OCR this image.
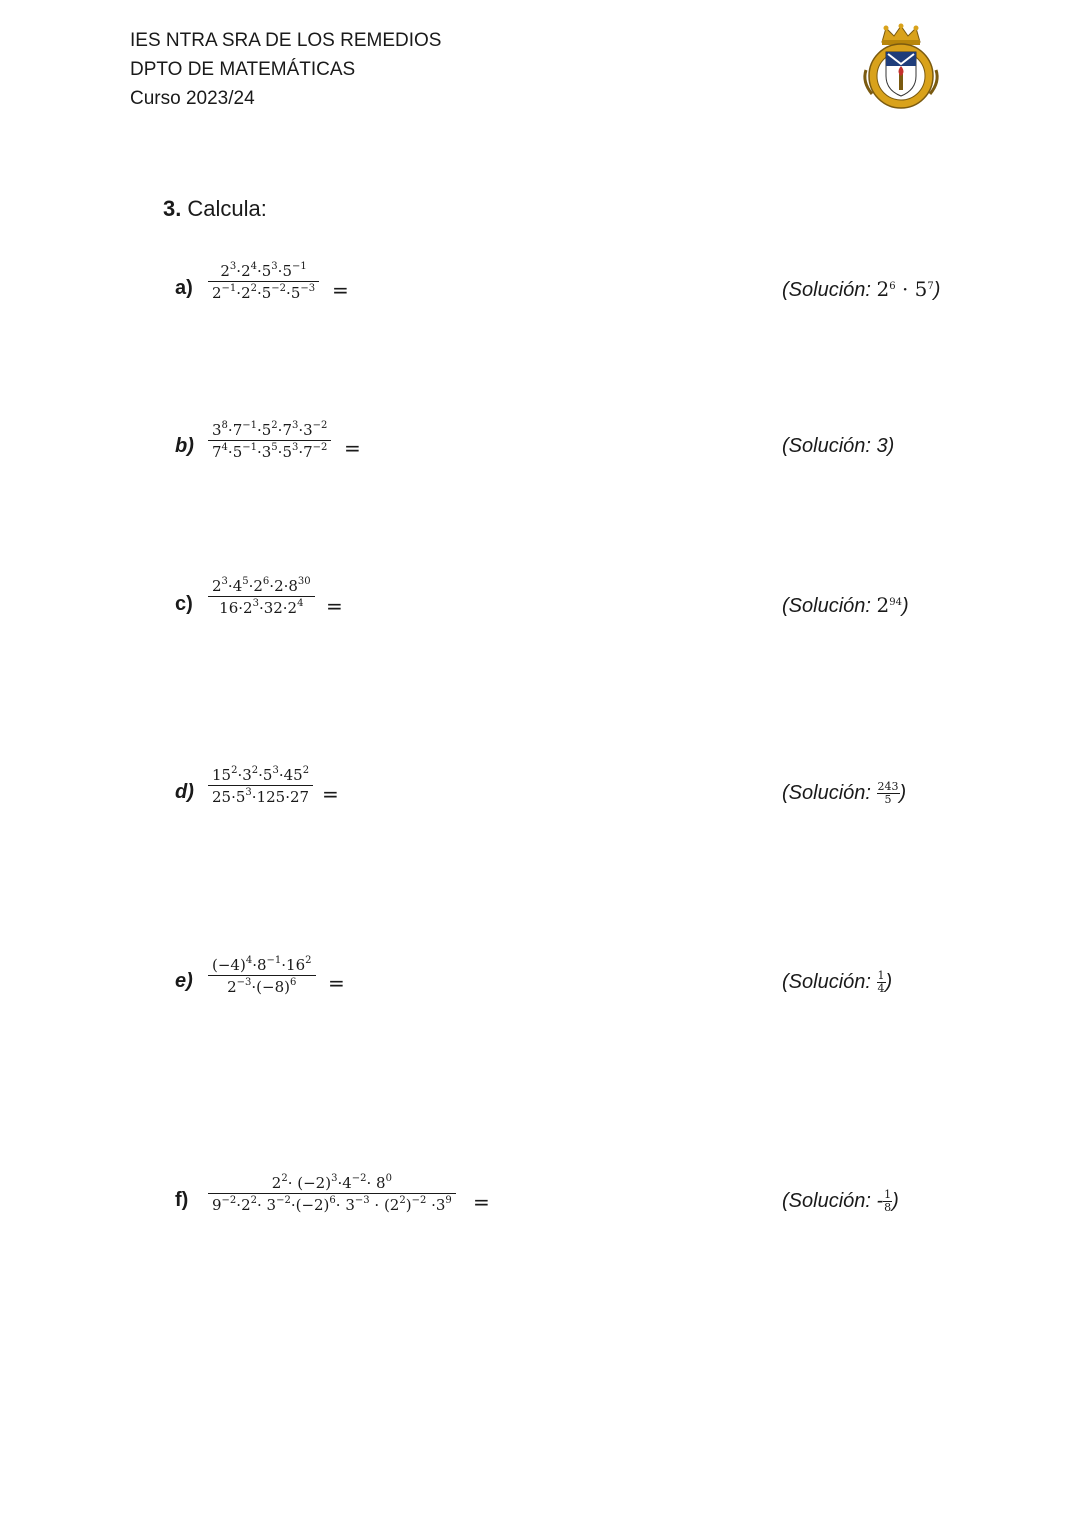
IES NTRA SRA DE LOS REMEDIOS
DPTO DE MATEMÁTICAS
Curso 2023/24
3. Calcula:
$a) \frac{2^3\cdot 2^4\cdot 5^3\cdot 5^{-1}}{2^{-1}\cdot 2^2\cdot 5^{-2}\cdot 5^{-3}}$ =	(Solución: $2^6 \cdot 5^7$)
$b) \frac{3^8\cdot 7^{-1}\cdot 5^2\cdot 7^3\cdot 3^{-2}}{7^4\cdot 5^{-1}\cdot 3^5\cdot 5^3\cdot 7^{-2}}$ =	(Solución: 3)
$c) \frac{2^3\cdot 4^5\cdot 2^6\cdot 2\cdot 8^{30}}{16\cdot 2^3\cdot 32\cdot 2^4}$ =	(Solución: $2^{94}$)
$d) \frac{15^2\cdot 3^2\cdot 5^3\cdot 45^2}{25\cdot 5^3\cdot 125\cdot 27}$ =	(Solución: $\frac{243}{5}$ )
$e) \frac{(-4)^4\cdot 8^{-1}\cdot 16^2}{2^{-3}\cdot(-8)^6}$ =	(Solución: $\frac{1}{4}$ )
$f) \frac{2^2\cdot (-2)^3\cdot 4^{-2}\cdot 8^0}{9^{-2}\cdot 2^2\cdot 3^{-2}\cdot(-2)^6\cdot 3^{-3} \cdot (2^2)^{-2} \cdot 3^9}$ =	(Solución: - $\frac{1}{8}$ )
